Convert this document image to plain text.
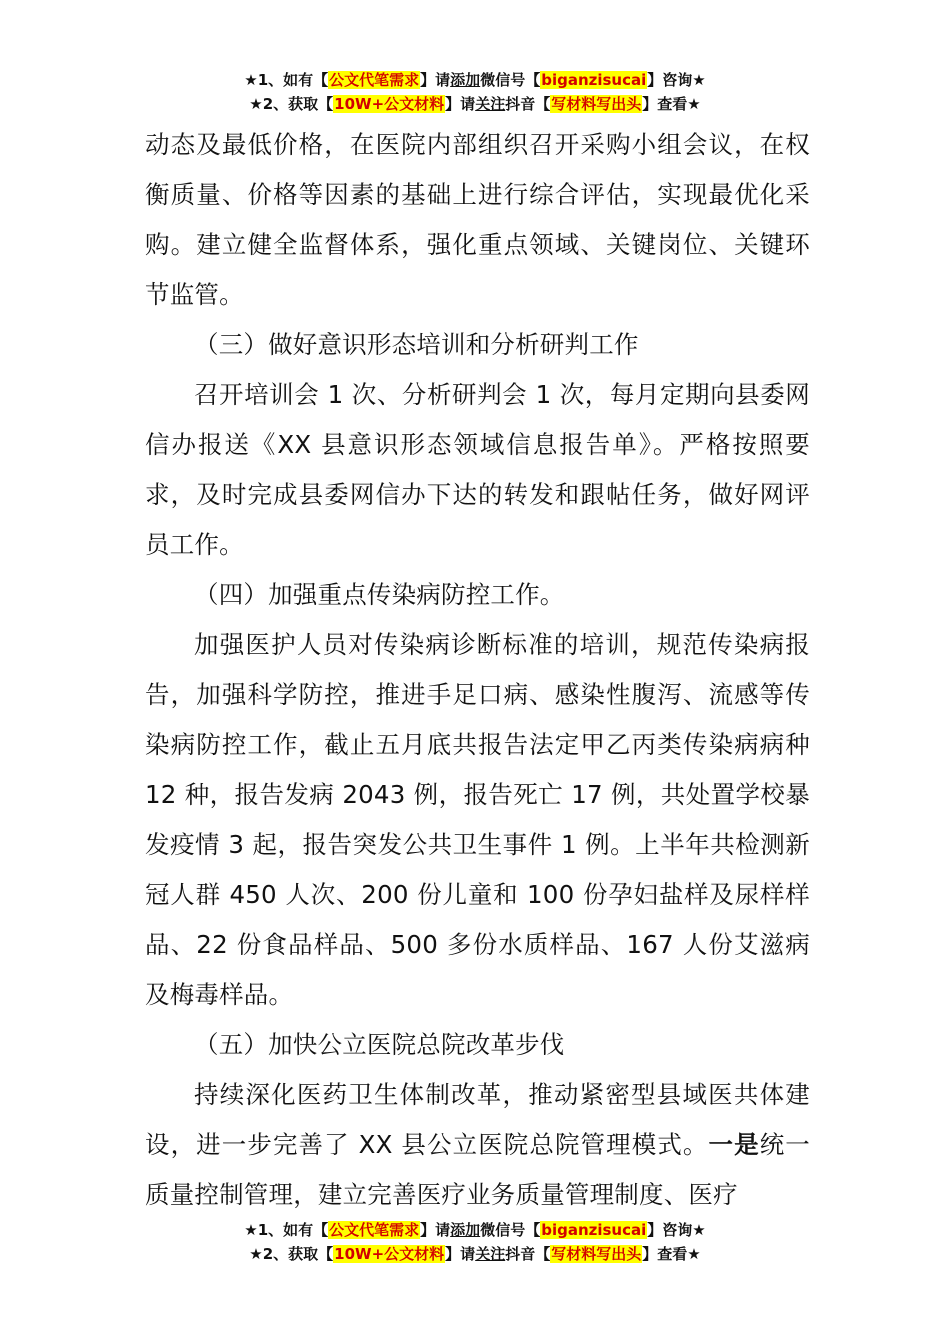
★1、如有【公文代笔需求】请添加微信号【biganzisucai】咨询★
★2、获取【10W+公文材料】请关注抖音【写材料写出头】查看★

动态及最低价格，在医院内部组织召开采购小组会议，在权衡质量、价格等因素的基础上进行综合评估，实现最优化采购。建立健全监督体系，强化重点领域、关键岗位、关键环节监管。

（三）做好意识形态培训和分析研判工作

召开培训会 1 次、分析研判会 1 次，每月定期向县委网信办报送《XX 县意识形态领域信息报告单》。严格按照要求，及时完成县委网信办下达的转发和跟帖任务，做好网评员工作。

（四）加强重点传染病防控工作。

加强医护人员对传染病诊断标准的培训，规范传染病报告，加强科学防控，推进手足口病、感染性腹泻、流感等传染病防控工作，截止五月底共报告法定甲乙丙类传染病病种 12 种，报告发病 2043 例，报告死亡 17 例，共处置学校暴发疫情 3 起，报告突发公共卫生事件 1 例。上半年共检测新冠人群 450 人次、200 份儿童和 100 份孕妇盐样及尿样样品、22 份食品样品、500 多份水质样品、167 人份艾滋病及梅毒样品。

（五）加快公立医院总院改革步伐

持续深化医药卫生体制改革，推动紧密型县域医共体建设，进一步完善了 XX 县公立医院总院管理模式。一是统一质量控制管理，建立完善医疗业务质量管理制度、医疗

★1、如有【公文代笔需求】请添加微信号【biganzisucai】咨询★
★2、获取【10W+公文材料】请关注抖音【写材料写出头】查看★
